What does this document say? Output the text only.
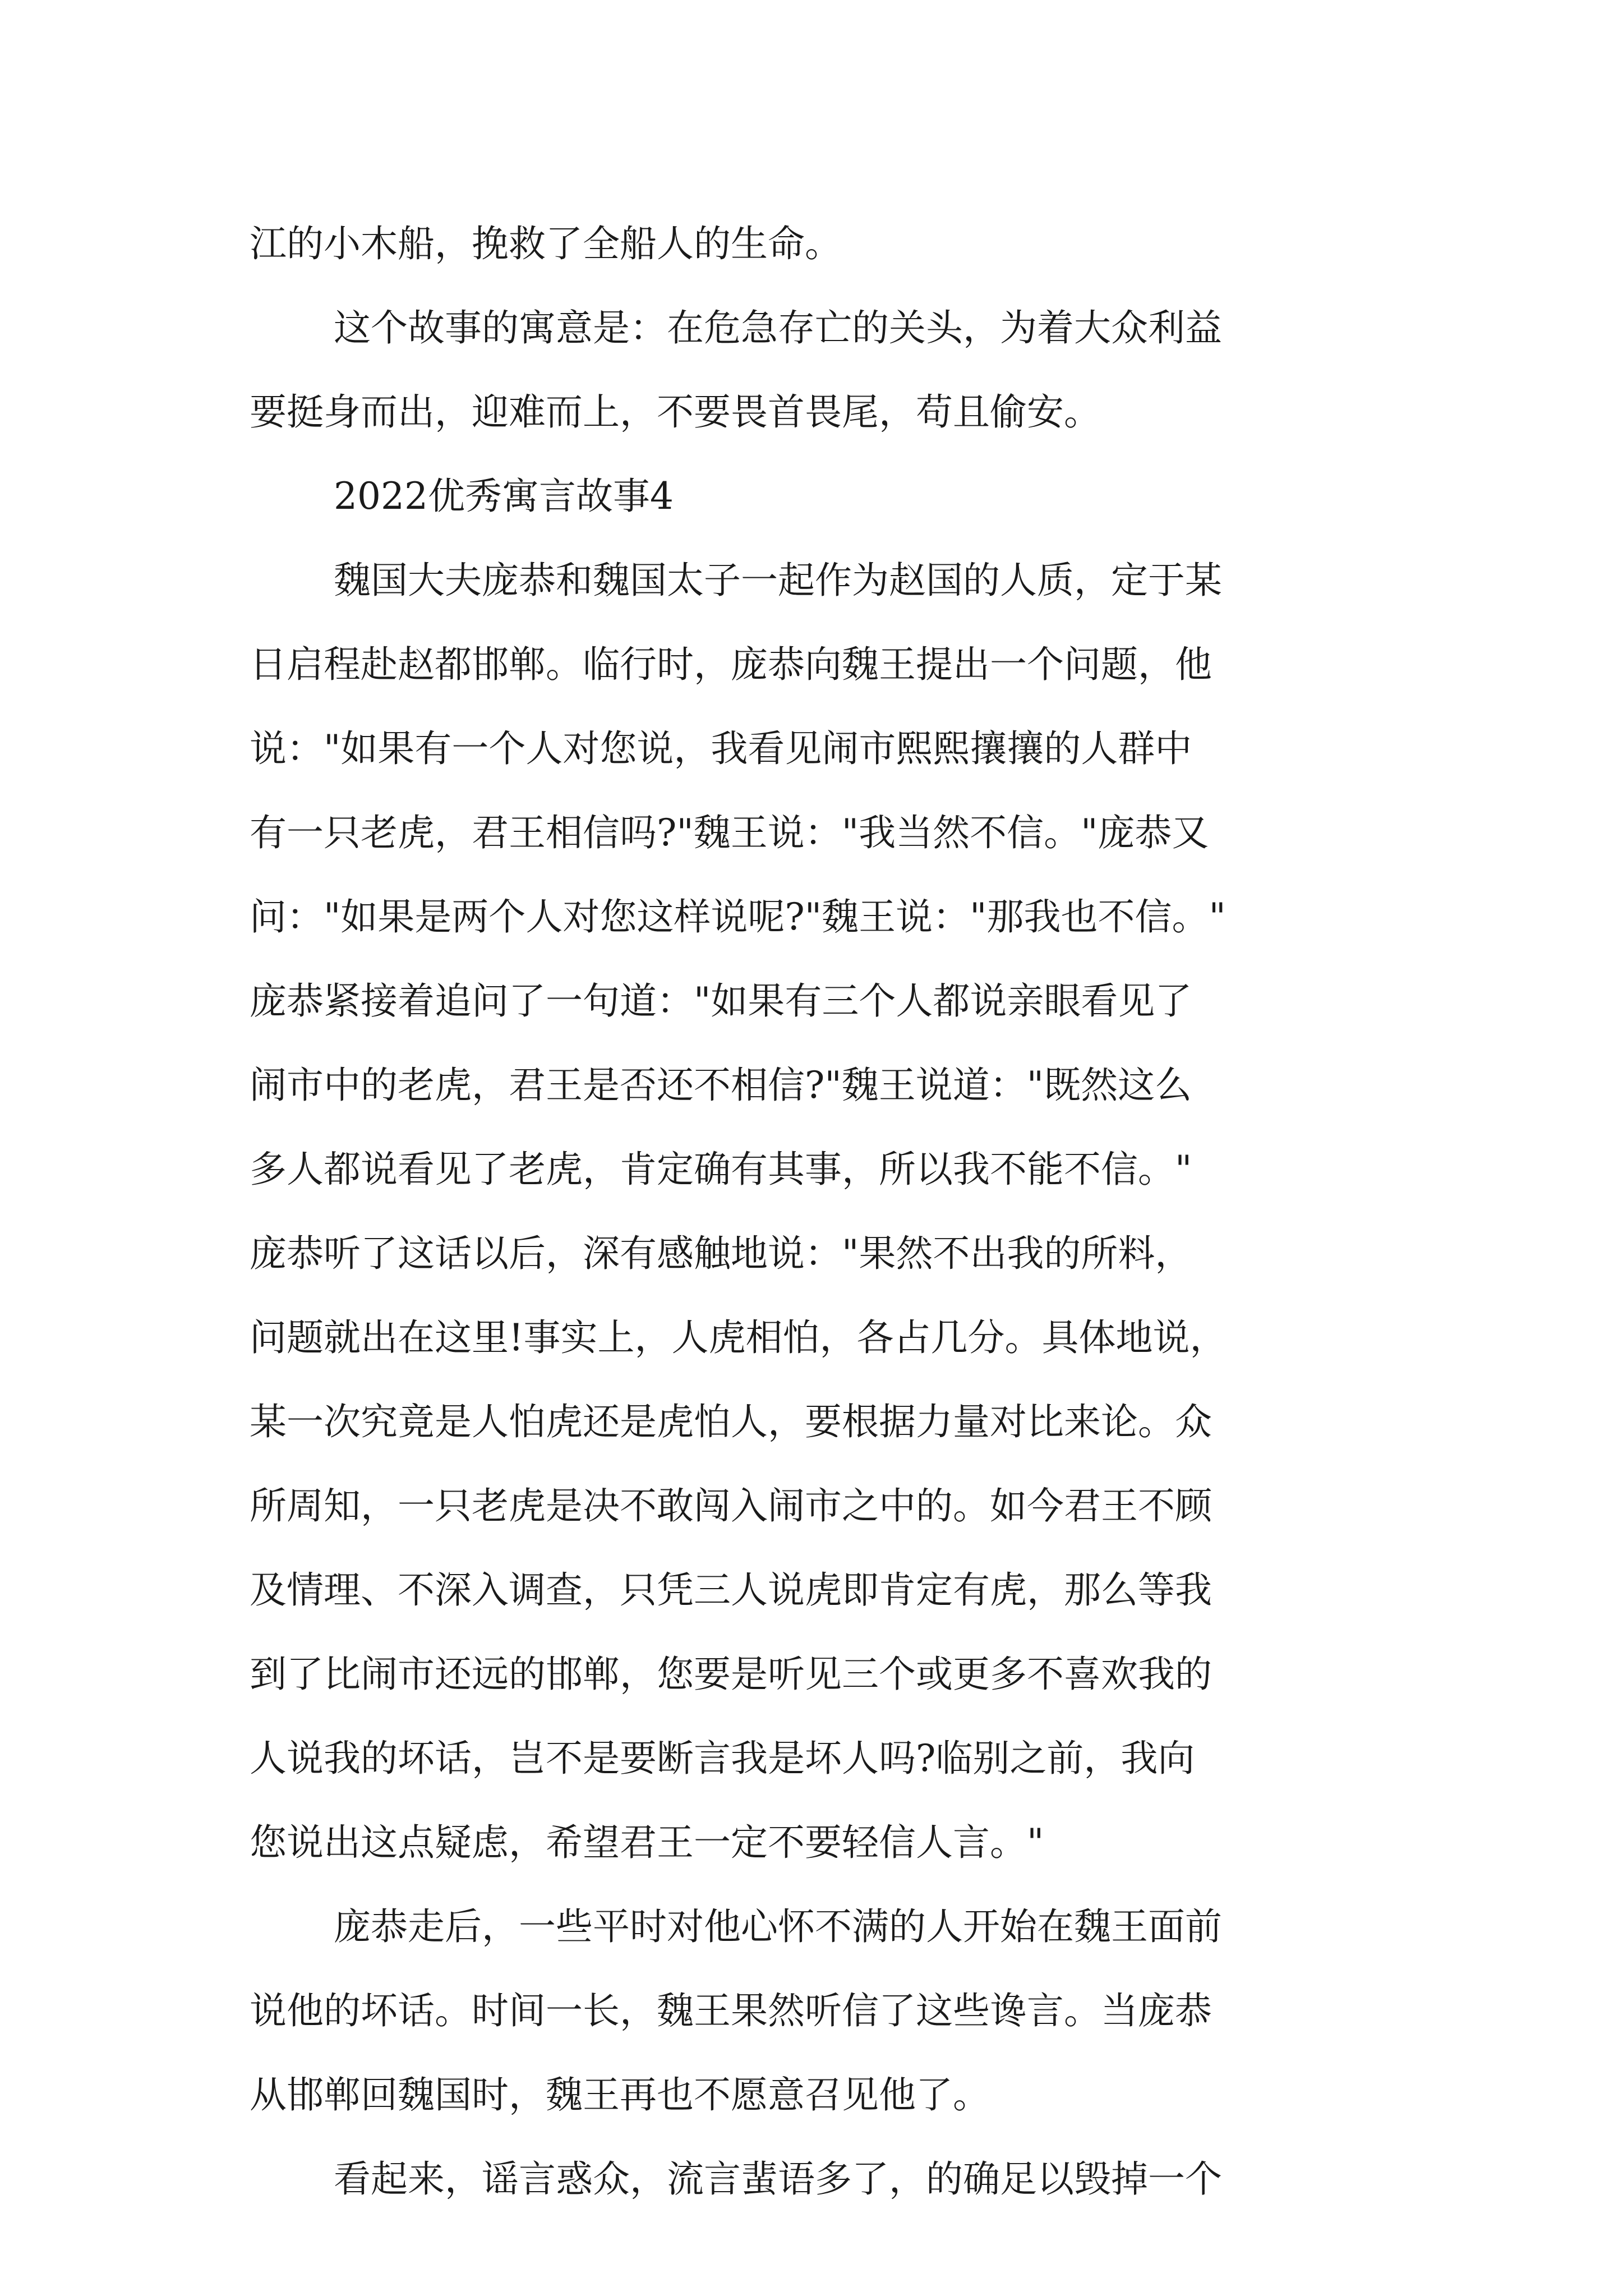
江的小木船，挽救了全船人的生命。
这个故事的寓意是：在危急存亡的关头，为着大众利益
要挺身而出，迎难而上，不要畏首畏尾，苟且偷安。
2022优秀寓言故事4
魏国大夫庞恭和魏国太子一起作为赵国的人质，定于某
日启程赴赵都邯郸。临行时，庞恭向魏王提出一个问题，他
说："如果有一个人对您说，我看见闹市熙熙攘攘的人群中
有一只老虎，君王相信吗?"魏王说："我当然不信。"庞恭又
问："如果是两个人对您这样说呢?"魏王说："那我也不信。"
庞恭紧接着追问了一句道："如果有三个人都说亲眼看见了
闹市中的老虎，君王是否还不相信?"魏王说道："既然这么
多人都说看见了老虎，肯定确有其事，所以我不能不信。"
庞恭听了这话以后，深有感触地说："果然不出我的所料，
问题就出在这里!事实上，人虎相怕，各占几分。具体地说，
某一次究竟是人怕虎还是虎怕人，要根据力量对比来论。众
所周知，一只老虎是决不敢闯入闹市之中的。如今君王不顾
及情理、不深入调查，只凭三人说虎即肯定有虎，那么等我
到了比闹市还远的邯郸，您要是听见三个或更多不喜欢我的
人说我的坏话，岂不是要断言我是坏人吗?临别之前，我向
您说出这点疑虑，希望君王一定不要轻信人言。"
庞恭走后，一些平时对他心怀不满的人开始在魏王面前
说他的坏话。时间一长，魏王果然听信了这些谗言。当庞恭
从邯郸回魏国时，魏王再也不愿意召见他了。
看起来，谣言惑众，流言蜚语多了，的确足以毁掉一个
